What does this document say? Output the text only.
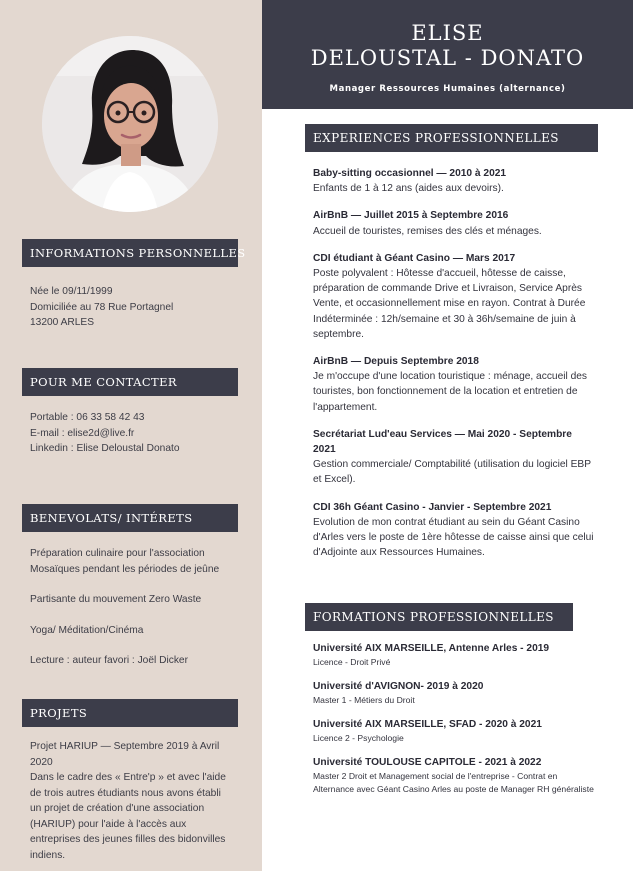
ELISE
DELOUSTAL - DONATO
Manager Ressources Humaines (alternance)
INFORMATIONS PERSONNELLES

Née le 09/11/1999

Domiciliée au 78 Rue Portagnel

13200 ARLES

POUR ME CONTACTER

Portable : 06 33 58 42 43

E-mail : elise2d@live.fr

Linkedin : Elise Deloustal Donato

BENEVOLATS/ INTÉRETS

Préparation culinaire pour l'association Mosaïques pendant les périodes de jeûne

Partisante du mouvement Zero Waste

Yoga/ Méditation/Cinéma

Lecture : auteur favori : Joël Dicker

PROJETS

Projet HARIUP — Septembre 2019 à Avril 2020

Dans le cadre des « Entre'p » et avec l'aide de trois autres étudiants nous avons établi un projet de création d'une association (HARIUP) pour l'aide à l'accès aux entreprises des jeunes filles des bidonvilles indiens.

EXPERIENCES PROFESSIONNELLES
Baby-sitting occasionnel — 2010 à 2021
Enfants de 1 à 12 ans (aides aux devoirs).
AirBnB — Juillet 2015 à Septembre 2016
Accueil de touristes, remises des clés et ménages.
CDI étudiant à Géant Casino — Mars 2017
Poste polyvalent : Hôtesse d'accueil, hôtesse de caisse, préparation de commande Drive et Livraison, Service Après Vente, et occasionnellement mise en rayon. Contrat à Durée Indéterminée : 12h/semaine et 30 à 36h/semaine de juin à septembre.
AirBnB — Depuis Septembre 2018
Je m'occupe d'une location touristique : ménage, accueil des touristes, bon fonctionnement de la location et entretien de l'appartement.
Secrétariat Lud'eau Services — Mai 2020 - Septembre 2021
Gestion commerciale/ Comptabilité (utilisation du logiciel EBP et Excel).
CDI 36h Géant Casino - Janvier - Septembre 2021
Evolution de mon contrat étudiant au sein du Géant Casino d'Arles vers le poste de 1ère hôtesse de caisse ainsi que celui d'Adjointe aux Ressources Humaines.
FORMATIONS PROFESSIONNELLES
Université AIX MARSEILLE, Antenne Arles - 2019
Licence - Droit Privé
Université d'AVIGNON- 2019 à 2020
Master 1 - Métiers du Droit
Université AIX MARSEILLE, SFAD - 2020 à 2021
Licence 2 - Psychologie
Université TOULOUSE CAPITOLE - 2021 à 2022
Master 2 Droit et Management social de l'entreprise - Contrat en Alternance avec Géant Casino Arles au poste de Manager RH généraliste
